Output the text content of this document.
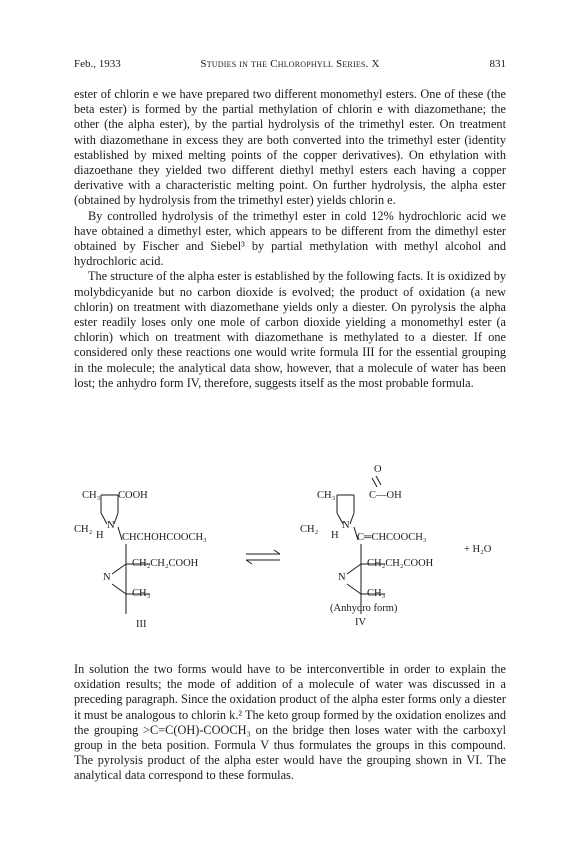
Feb., 1933	Studies in the Chlorophyll Series. X	831

ester of chlorin e we have prepared two different monomethyl esters. One of these (the beta ester) is formed by the partial methylation of chlorin e with diazomethane; the other (the alpha ester), by the partial hydrolysis of the trimethyl ester. On treatment with diazomethane in excess they are both converted into the trimethyl ester (identity established by mixed melting points of the copper derivatives). On ethylation with diazoethane they yielded two different diethyl methyl esters each having a copper derivative with a characteristic melting point. On further hydrolysis, the alpha ester (obtained by hydrolysis from the trimethyl ester) yields chlorin e.

By controlled hydrolysis of the trimethyl ester in cold 12% hydrochloric acid we have obtained a dimethyl ester, which appears to be different from the dimethyl ester obtained by Fischer and Siebel³ by partial methylation with methyl alcohol and hydrochloric acid.

The structure of the alpha ester is established by the following facts. It is oxidized by molybdicyanide but no carbon dioxide is evolved; the product of oxidation (a new chlorin) on treatment with diazomethane yields only a diester. On pyrolysis the alpha ester readily loses only one mole of carbon dioxide yielding a monomethyl ester (a chlorin) which on treatment with diazomethane is methylated to a diester. If one considered only these reactions one would write formula III for the essential grouping in the molecule; the analytical data show, however, that a molecule of water has been lost; the anhydro form IV, therefore, suggests itself as the most probable formula.

CH₃ COOH
CH₂ N
H CHCHOHCOOCH₃
CH₂CH₂COOH
N
CH₃
III
O
CH₃	C—OH
CH₂ N
H C═CHCOOCH₃
CH₂CH₂COOH
N
CH₃
(Anhydro form)
IV
+ H₂O

In solution the two forms would have to be interconvertible in order to explain the oxidation results; the mode of addition of a molecule of water was discussed in a preceding paragraph. Since the oxidation product of the alpha ester forms only a diester it must be analogous to chlorin k.² The keto group formed by the oxidation enolizes and the grouping >C=C(OH)-COOCH₃ on the bridge then loses water with the carboxyl group in the beta position. Formula V thus formulates the groups in this compound. The pyrolysis product of the alpha ester would have the grouping shown in VI. The analytical data correspond to these formulas.
